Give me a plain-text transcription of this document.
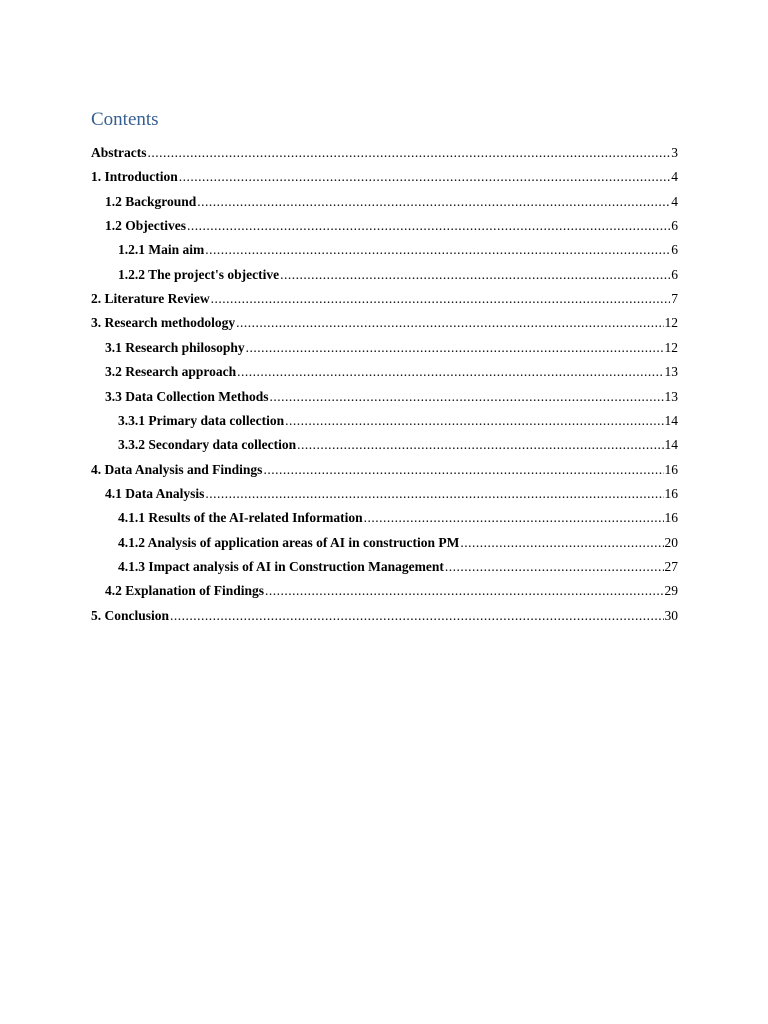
Contents
Abstracts .....	3
1. Introduction .....	4
1.2 Background .....	4
1.2 Objectives .....	6
1.2.1 Main aim .....	6
1.2.2 The project's objective .....	6
2. Literature Review .....	7
3. Research methodology .....	12
3.1 Research philosophy .....	12
3.2 Research approach .....	13
3.3 Data Collection Methods .....	13
3.3.1 Primary data collection .....	14
3.3.2 Secondary data collection .....	14
4. Data Analysis and Findings .....	16
4.1 Data Analysis .....	16
4.1.1 Results of the AI-related Information .....	16
4.1.2 Analysis of application areas of AI in construction PM .....	20
4.1.3 Impact analysis of AI in Construction Management .....	27
4.2 Explanation of Findings .....	29
5. Conclusion .....	30
